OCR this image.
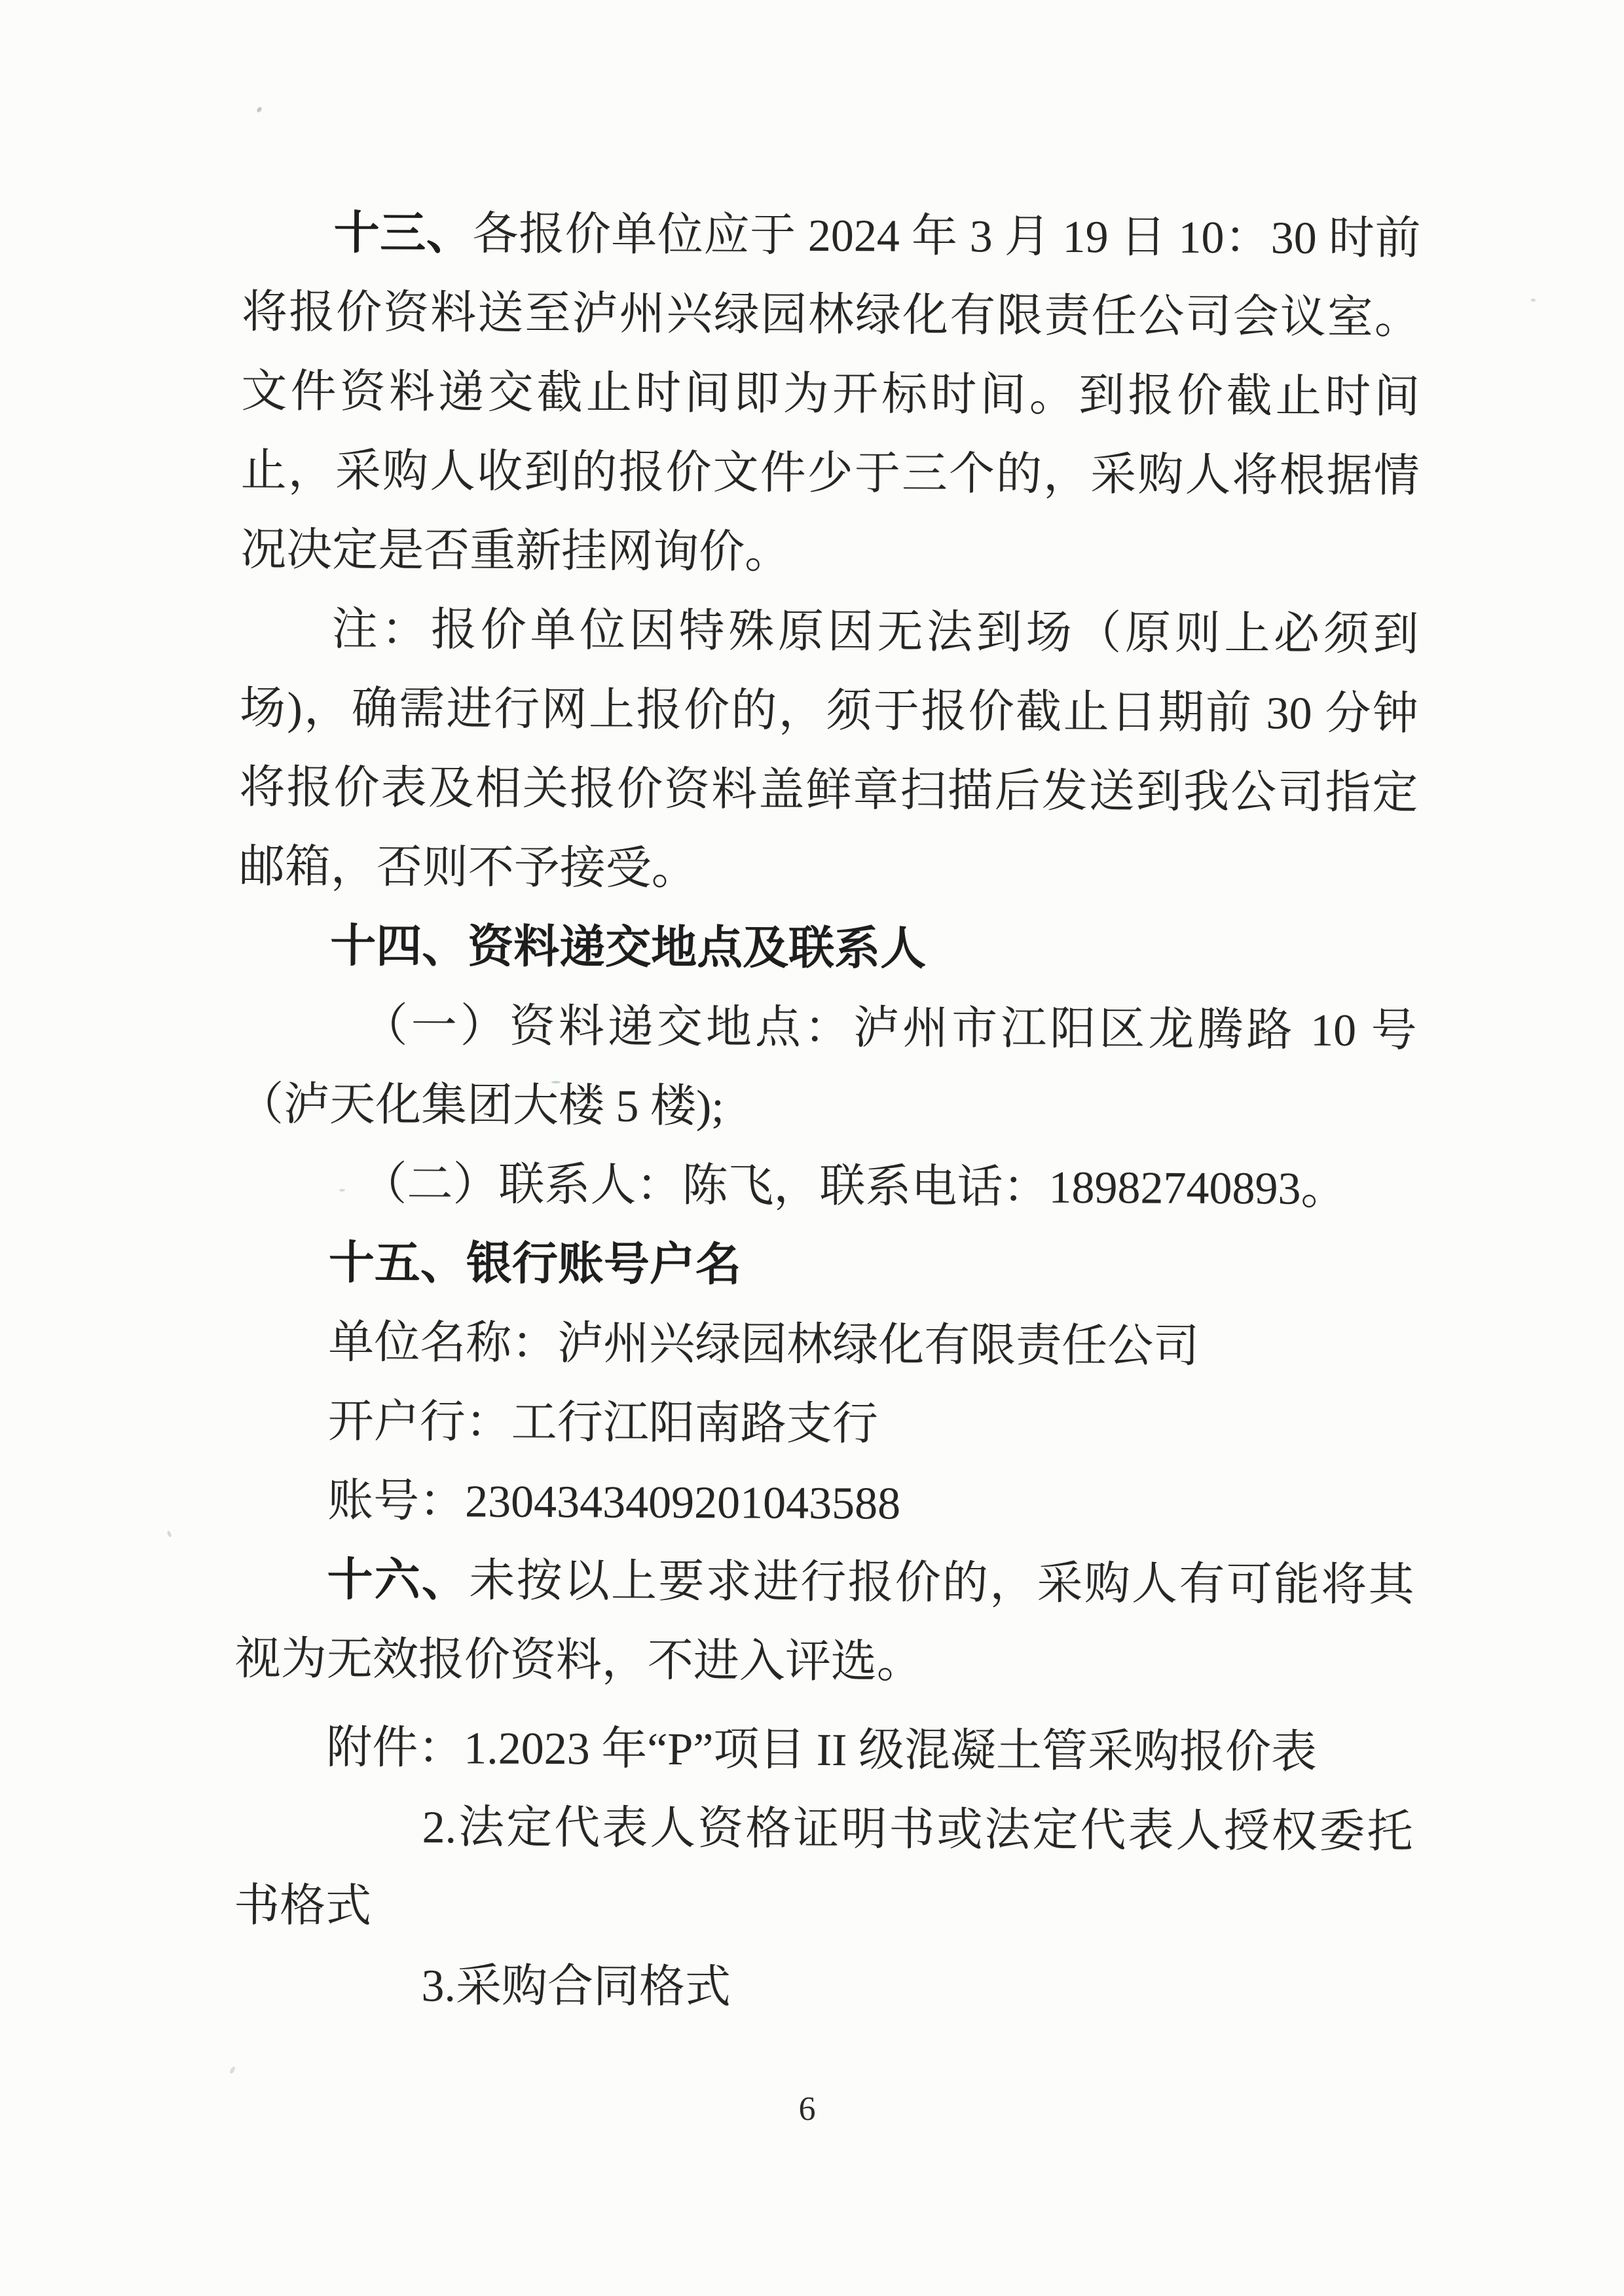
十三、各报价单位应于 2024 年 3 月 19 日 10：30 时前将报价资料送至泸州兴绿园林绿化有限责任公司会议室。文件资料递交截止时间即为开标时间。到报价截止时间止，采购人收到的报价文件少于三个的，采购人将根据情况决定是否重新挂网询价。

注：报价单位因特殊原因无法到场（原则上必须到场)，确需进行网上报价的，须于报价截止日期前 30 分钟将报价表及相关报价资料盖鲜章扫描后发送到我公司指定邮箱，否则不予接受。

十四、资料递交地点及联系人

（一）资料递交地点：泸州市江阳区龙腾路 10 号（泸天化集团大楼 5 楼);

（二）联系人：陈飞，联系电话：18982740893。

十五、银行账号户名

单位名称：泸州兴绿园林绿化有限责任公司

开户行：工行江阳南路支行

账号：2304343409201043588

十六、未按以上要求进行报价的，采购人有可能将其视为无效报价资料，不进入评选。

附件：1.2023 年“P”项目 II 级混凝土管采购报价表

2.法定代表人资格证明书或法定代表人授权委托书格式

3.采购合同格式

6
